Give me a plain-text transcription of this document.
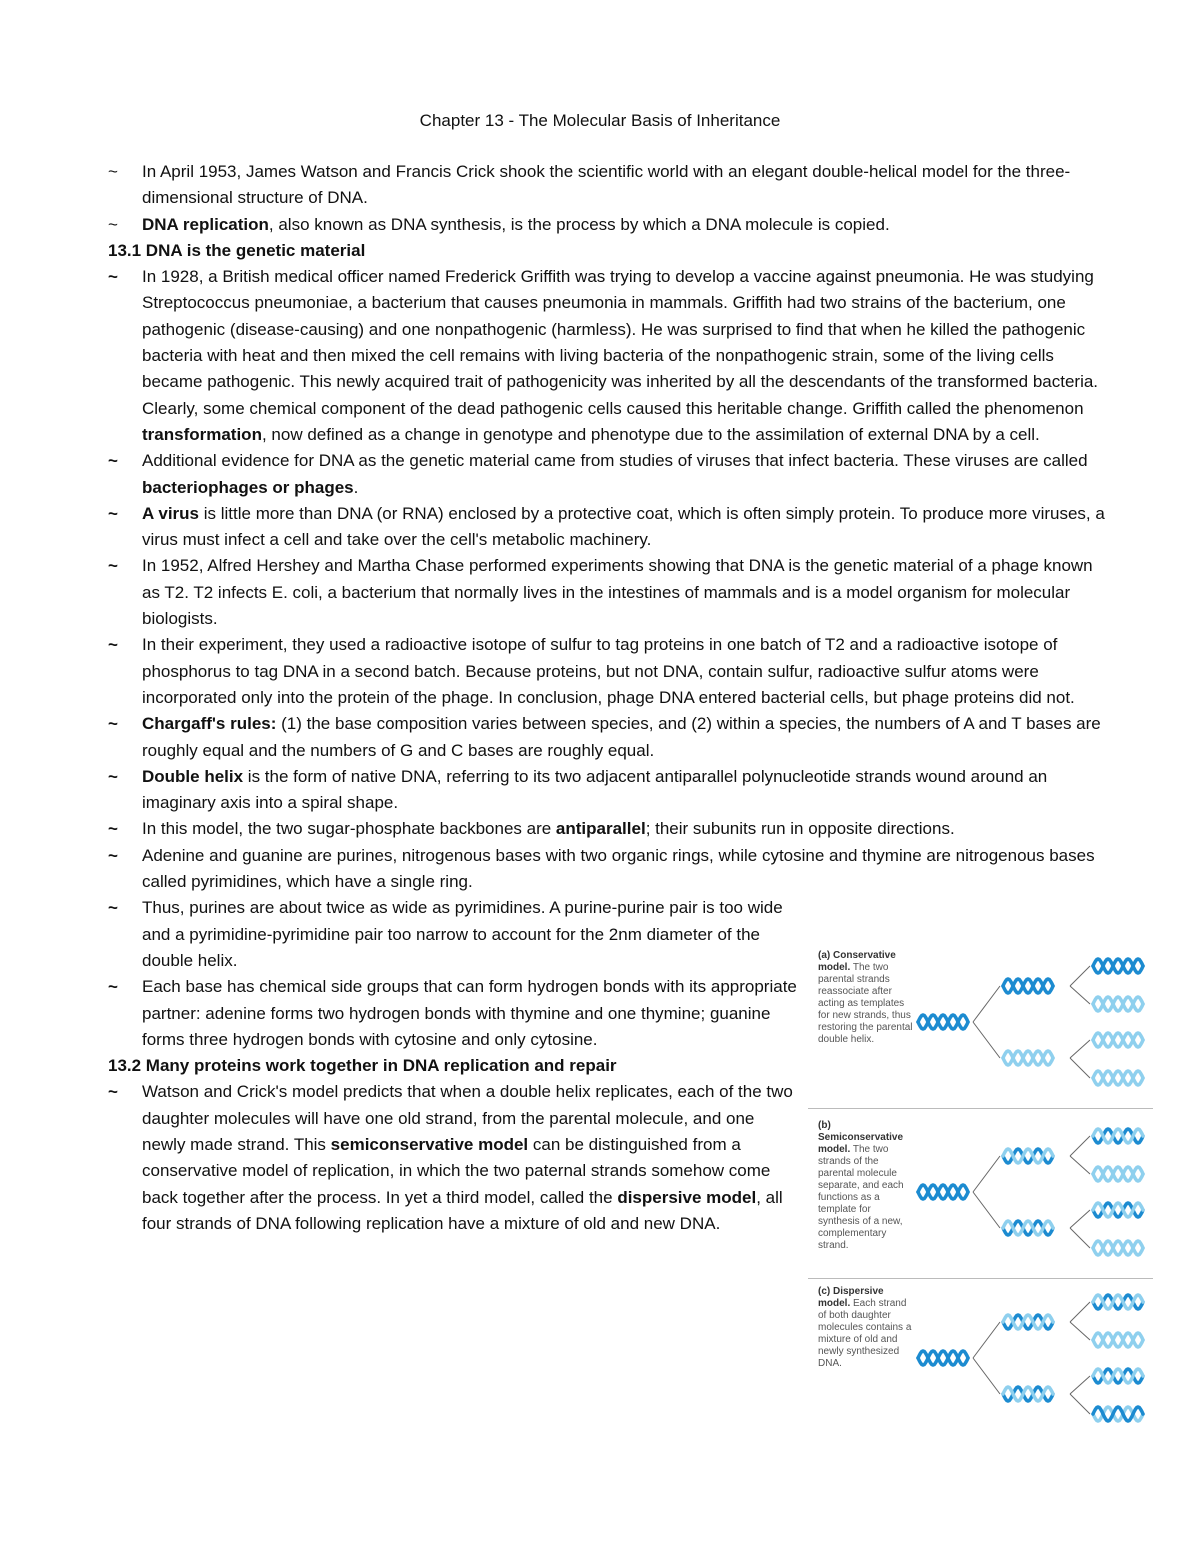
Chapter 13 - The Molecular Basis of Inheritance
~	In April 1953, James Watson and Francis Crick shook the scientific world with an elegant double-helical model for the three-dimensional structure of DNA.
~	DNA replication, also known as DNA synthesis, is the process by which a DNA molecule is copied.
13.1 DNA is the genetic material
~	In 1928, a British medical officer named Frederick Griffith was trying to develop a vaccine against pneumonia. He was studying Streptococcus pneumoniae, a bacterium that causes pneumonia in mammals. Griffith had two strains of the bacterium, one pathogenic (disease-causing) and one nonpathogenic (harmless). He was surprised to find that when he killed the pathogenic bacteria with heat and then mixed the cell remains with living bacteria of the nonpathogenic strain, some of the living cells became pathogenic. This newly acquired trait of pathogenicity was inherited by all the descendants of the transformed bacteria. Clearly, some chemical component of the dead pathogenic cells caused this heritable change. Griffith called the phenomenon transformation, now defined as a change in genotype and phenotype due to the assimilation of external DNA by a cell.
~	Additional evidence for DNA as the genetic material came from studies of viruses that infect bacteria. These viruses are called bacteriophages or phages.
~	A virus is little more than DNA (or RNA) enclosed by a protective coat, which is often simply protein. To produce more viruses, a virus must infect a cell and take over the cell's metabolic machinery.
~	In 1952, Alfred Hershey and Martha Chase performed experiments showing that DNA is the genetic material of a phage known as T2. T2 infects E. coli, a bacterium that normally lives in the intestines of mammals and is a model organism for molecular biologists.
~	In their experiment, they used a radioactive isotope of sulfur to tag proteins in one batch of T2 and a radioactive isotope of phosphorus to tag DNA in a second batch. Because proteins, but not DNA, contain sulfur, radioactive sulfur atoms were incorporated only into the protein of the phage. In conclusion, phage DNA entered bacterial cells, but phage proteins did not.
~	Chargaff's rules: (1) the base composition varies between species, and (2) within a species, the numbers of A and T bases are roughly equal and the numbers of G and C bases are roughly equal.
~	Double helix is the form of native DNA, referring to its two adjacent antiparallel polynucleotide strands wound around an imaginary axis into a spiral shape.
~	In this model, the two sugar-phosphate backbones are antiparallel; their subunits run in opposite directions.
~	Adenine and guanine are purines, nitrogenous bases with two organic rings, while cytosine and thymine are nitrogenous bases called pyrimidines, which have a single ring.
~	Thus, purines are about twice as wide as pyrimidines. A purine-purine pair is too wide and a pyrimidine-pyrimidine pair too narrow to account for the 2nm diameter of the double helix.
~	Each base has chemical side groups that can form hydrogen bonds with its appropriate partner: adenine forms two hydrogen bonds with thymine and one thymine; guanine forms three hydrogen bonds with cytosine and only cytosine.
13.2 Many proteins work together in DNA replication and repair
~	Watson and Crick's model predicts that when a double helix replicates, each of the two daughter molecules will have one old strand, from the parental molecule, and one newly made strand. This semiconservative model can be distinguished from a conservative model of replication, in which the two paternal strands somehow come back together after the process. In yet a third model, called the dispersive model, all four strands of DNA following replication have a mixture of old and new DNA.
(a) Conservative model. The two parental strands reassociate after acting as templates for new strands, thus restoring the parental double helix.
(b) Semiconservative model. The two strands of the parental molecule separate, and each functions as a template for synthesis of a new, complementary strand.
(c) Dispersive model. Each strand of both daughter molecules contains a mixture of old and newly synthesized DNA.
